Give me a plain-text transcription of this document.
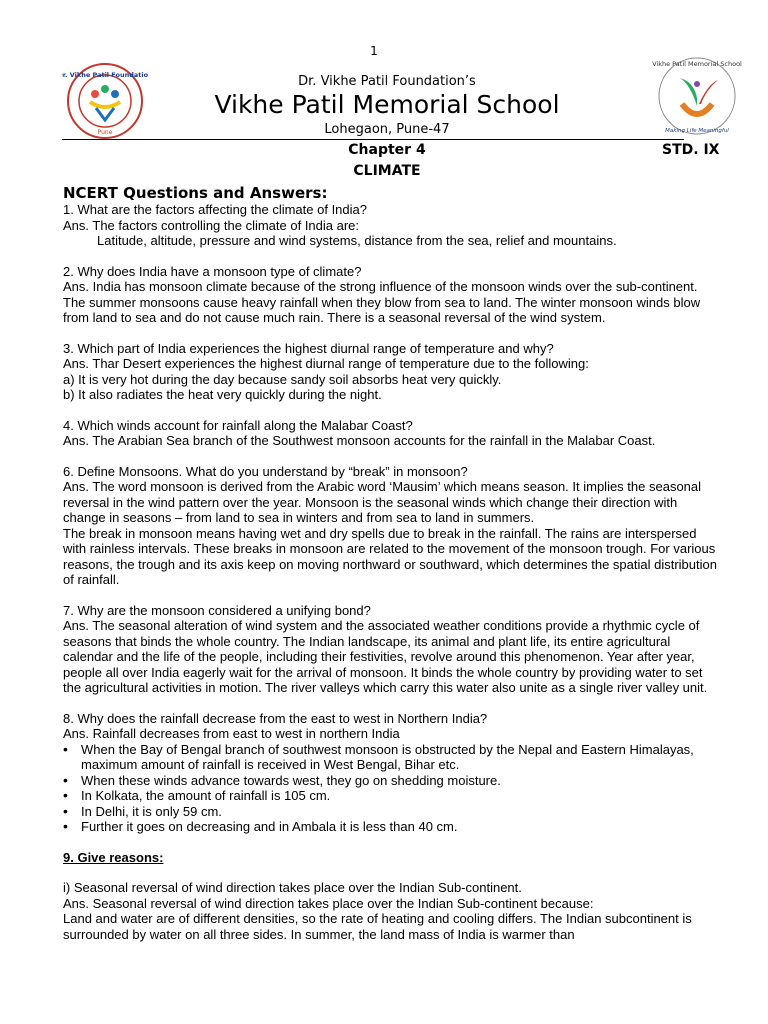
1
Dr. Vikhe Patil Foundation
Pune
Dr. Vikhe Patil Foundation’s
Vikhe Patil Memorial School
Lohegaon, Pune-47
Vikhe Patil Memorial School
Making Life Meaningful
Chapter 4	STD. IX
CLIMATE
NCERT Questions and Answers:

1. What are the factors affecting the climate of India?

Ans. The factors controlling the climate of India are:

Latitude, altitude, pressure and wind systems, distance from the sea, relief and mountains.

2. Why does India have a monsoon type of climate?

Ans. India has monsoon climate because of the strong influence of the monsoon winds over the sub-continent. The summer monsoons cause heavy rainfall when they blow from sea to land. The winter monsoon winds blow from land to sea and do not cause much rain. There is a seasonal reversal of the wind system.

3. Which part of India experiences the highest diurnal range of temperature and why?

Ans. Thar Desert experiences the highest diurnal range of temperature due to the following:

a) It is very hot during the day because sandy soil absorbs heat very quickly.

b) It also radiates the heat very quickly during the night.

4. Which winds account for rainfall along the Malabar Coast?

Ans. The Arabian Sea branch of the Southwest monsoon accounts for the rainfall in the Malabar Coast.

6. Define Monsoons. What do you understand by “break” in monsoon?

Ans. The word monsoon is derived from the Arabic word ‘Mausim’ which means season. It implies the seasonal reversal in the wind pattern over the year. Monsoon is the seasonal winds which change their direction with change in seasons – from land to sea in winters and from sea to land in summers.

The break in monsoon means having wet and dry spells due to break in the rainfall. The rains are interspersed with rainless intervals. These breaks in monsoon are related to the movement of the monsoon trough. For various reasons, the trough and its axis keep on moving northward or southward, which determines the spatial distribution of rainfall.

7. Why are the monsoon considered a unifying bond?

Ans. The seasonal alteration of wind system and the associated weather conditions provide a rhythmic cycle of seasons that binds the whole country. The Indian landscape, its animal and plant life, its entire agricultural calendar and the life of the people, including their festivities, revolve around this phenomenon. Year after year, people all over India eagerly wait for the arrival of monsoon. It binds the whole country by providing water to set the agricultural activities in motion. The river valleys which carry this water also unite as a single river valley unit.

8. Why does the rainfall decrease from the east to west in Northern India?

Ans. Rainfall decreases from east to west in northern India

• When the Bay of Bengal branch of southwest monsoon is obstructed by the Nepal and Eastern Himalayas, maximum amount of rainfall is received in West Bengal, Bihar etc.
• When these winds advance towards west, they go on shedding moisture.
• In Kolkata, the amount of rainfall is 105 cm.
• In Delhi, it is only 59 cm.
• Further it goes on decreasing and in Ambala it is less than 40 cm.

9. Give reasons:

i) Seasonal reversal of wind direction takes place over the Indian Sub-continent.

Ans. Seasonal reversal of wind direction takes place over the Indian Sub-continent because:

Land and water are of different densities, so the rate of heating and cooling differs. The Indian subcontinent is surrounded by water on all three sides. In summer, the land mass of India is warmer than
